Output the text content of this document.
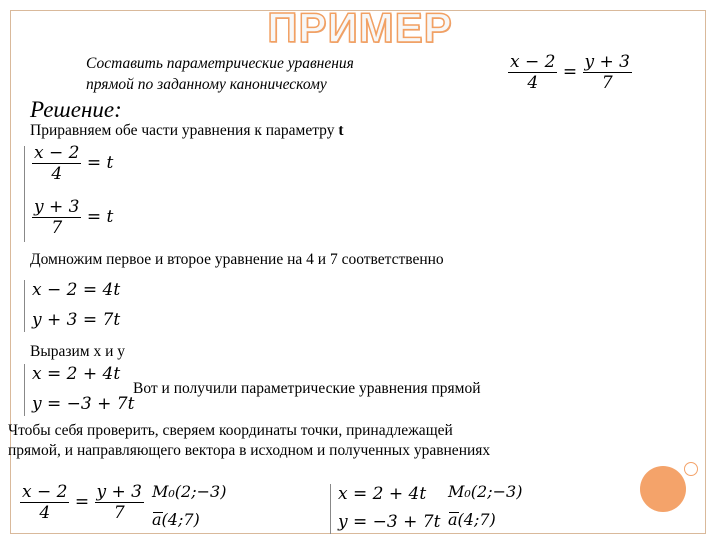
ПРИМЕР
Составить параметрические уравнения
прямой по заданному каноническому	$\frac{x - 2}{4} = \frac{y + 3}{7}$
Решение:
Приравняем обе части уравнения к параметру t
$\frac{x - 2}{4} = t$
$\frac{y + 3}{7} = t$
Домножим первое и второе уравнение на 4 и 7 соответственно
x − 2 = 4t
y + 3 = 7t
Выразим x и y
x = 2 + 4t
y = −3 + 7t
Вот и получили параметрические уравнения прямой
Чтобы себя проверить, сверяем координаты точки, принадлежащей
прямой, и направляющего вектора в исходном и полученных уравнениях
$\frac{x - 2}{4} = \frac{y + 3}{7}$ M₀(2;−3)
a(4;7)
x = 2 + 4t
y = −3 + 7t
M₀(2;−3)
a(4;7)
